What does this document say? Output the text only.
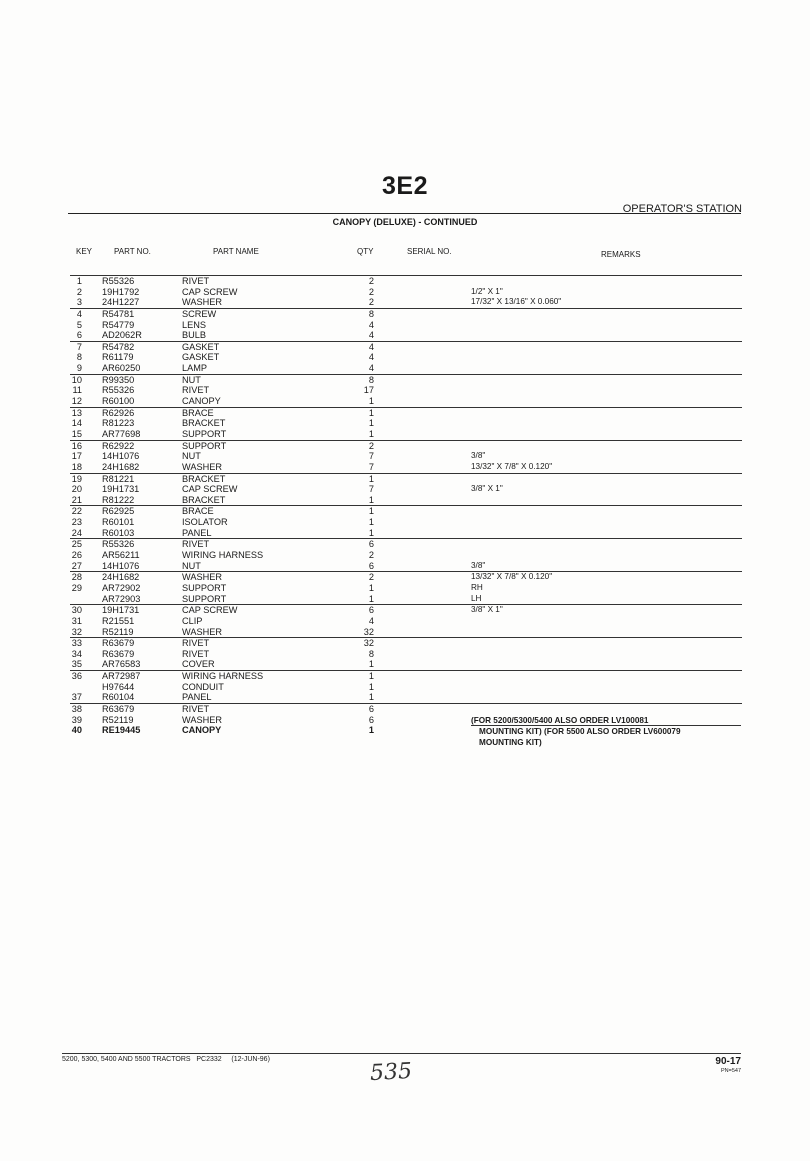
3E2
OPERATOR'S STATION
CANOPY (DELUXE) - CONTINUED
KEY	PART NO.	PART NAME	QTY	SERIAL NO.	REMARKS
1 R55326	RIVET	2
2 19H1792	CAP SCREW	2	1/2" X 1"
3 24H1227	WASHER	2	17/32" X 13/16" X 0.060"
4 R54781	SCREW	8
5 R54779	LENS	4
6 AD2062R	BULB	4
7 R54782	GASKET	4
8 R61179	GASKET	4
9 AR60250	LAMP	4
10 R99350	NUT	8
11 R55326	RIVET	17
12 R60100	CANOPY	1
13 R62926	BRACE	1
14 R81223	BRACKET	1
15 AR77698	SUPPORT	1
16 R62922	SUPPORT	2
17 14H1076	NUT	7	3/8"
18 24H1682	WASHER	7	13/32" X 7/8" X 0.120"
19 R81221	BRACKET	1
20 19H1731	CAP SCREW	7	3/8" X 1"
21 R81222	BRACKET	1
22 R62925	BRACE	1
23 R60101	ISOLATOR	1
24 R60103	PANEL	1
25 R55326	RIVET	6
26 AR56211	WIRING HARNESS	2
27 14H1076	NUT	6	3/8"
28 24H1682	WASHER	2	13/32" X 7/8" X 0.120"
29 AR72902	SUPPORT	1	RH
AR72903	SUPPORT	1	LH
30 19H1731	CAP SCREW	6	3/8" X 1"
31 R21551	CLIP	4
32 R52119	WASHER	32
33 R63679	RIVET	32
34 R63679	RIVET	8
35 AR76583	COVER	1
36 AR72987	WIRING HARNESS	1
H97644	CONDUIT	1
37 R60104	PANEL	1
38 R63679	RIVET	6
39 R52119	WASHER	6
40 RE19445	CANOPY	1
(FOR 5200/5300/5400 ALSO ORDER LV100081
MOUNTING KIT) (FOR 5500 ALSO ORDER LV600079
MOUNTING KIT)
5200, 5300, 5400 AND 5500 TRACTORS   PC2332     (12-JUN-96)	90-17
PN=547
535
